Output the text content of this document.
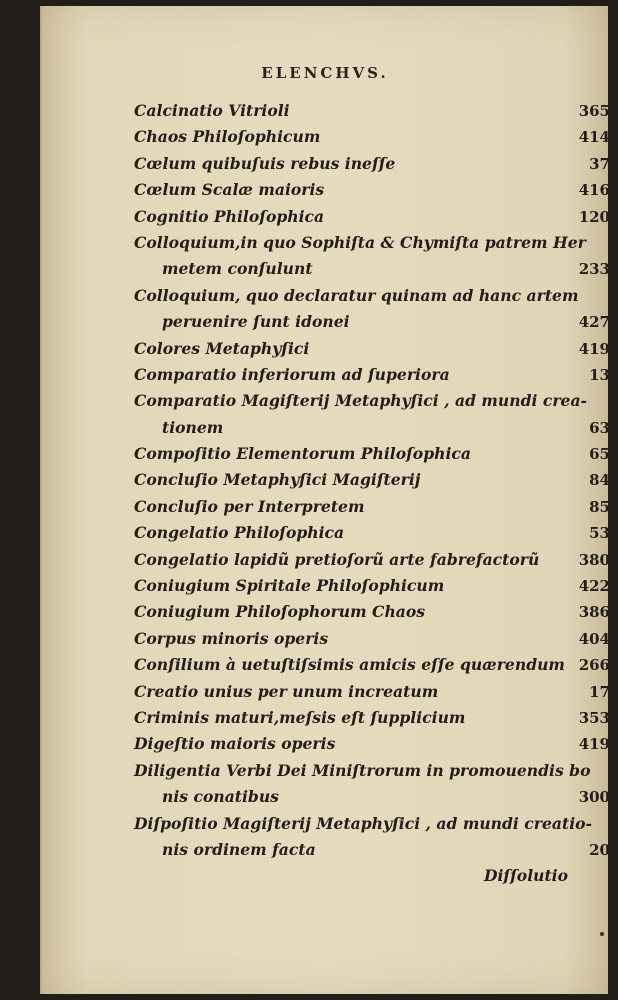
ELENCHVS.
Calcinatio Vitrioli	365
Chaos Philoſophicum	414
Cœlum quibuſuis rebus ineſſe	37
Cœlum Scalæ maioris	416
Cognitio Philoſophica	120
Colloquium,in quo Sophiſta & Chymiſta patrem Her
metem conſulunt	233
Colloquium, quo declaratur quinam ad hanc artem
peruenire ſunt idonei	427
Colores Metaphyſici	419
Comparatio inferiorum ad ſuperiora	13
Comparatio Magiſterij Metaphyſici , ad mundi crea-
tionem	63
Compoſitio Elementorum Philoſophica	65
Concluſio Metaphyſici Magiſterij	84
Concluſio per Interpretem	85
Congelatio Philoſophica	53
Congelatio lapidũ pretioſorũ arte fabrefactorũ	380
Coniugium Spiritale Philoſophicum	422
Coniugium Philoſophorum Chaos	386
Corpus minoris operis	404
Conſilium à uetuſtiſsimis amicis eſſe quærendum 266
Creatio unius per unum increatum	17
Criminis maturi,meſsis eſt ſupplicium	353
Digeſtio maioris operis	419
Diligentia Verbi Dei Miniſtrorum in promouendis bo
nis conatibus	300
Diſpoſitio Magiſterij Metaphyſici , ad mundi creatio-
nis ordinem facta	20
Diſſolutio
